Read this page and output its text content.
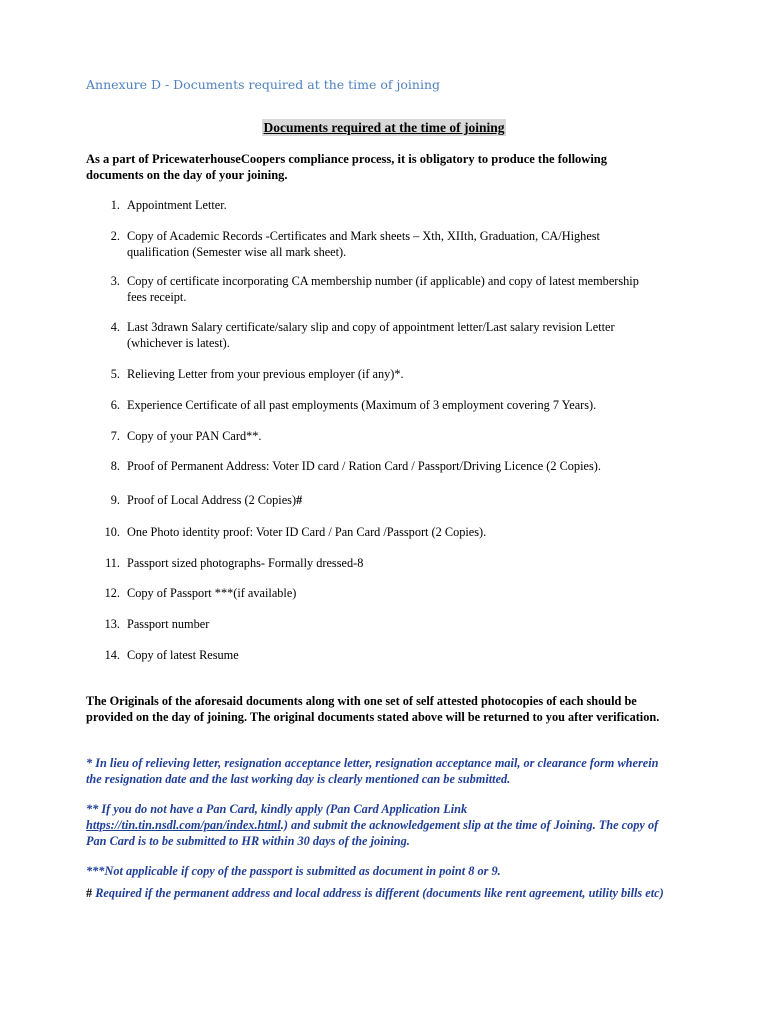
Annexure D - Documents required at the time of joining
Documents required at the time of joining
As a part of PricewaterhouseCoopers compliance process, it is obligatory to produce the following documents on the day of your joining.
1. Appointment Letter.
2. Copy of Academic Records -Certificates and Mark sheets – Xth, XIIth, Graduation, CA/Highest
qualification (Semester wise all mark sheet).
3. Copy of certificate incorporating CA membership number (if applicable) and copy of latest membership
fees receipt.
4. Last 3drawn Salary certificate/salary slip and copy of appointment letter/Last salary revision Letter
(whichever is latest).
5. Relieving Letter from your previous employer (if any)*.
6. Experience Certificate of all past employments (Maximum of 3 employment covering 7 Years).
7. Copy of your PAN Card**.
8. Proof of Permanent Address: Voter ID card / Ration Card / Passport/Driving Licence (2 Copies).
9. Proof of Local Address (2 Copies)#
10. One Photo identity proof: Voter ID Card / Pan Card /Passport (2 Copies).
11. Passport sized photographs- Formally dressed-8
12. Copy of Passport ***(if available)
13. Passport number
14. Copy of latest Resume
The Originals of the aforesaid documents along with one set of self attested photocopies of each should be provided on the day of joining. The original documents stated above will be returned to you after verification.
* In lieu of relieving letter, resignation acceptance letter, resignation acceptance mail, or clearance form wherein the resignation date and the last working day is clearly mentioned can be submitted.
** If you do not have a Pan Card, kindly apply (Pan Card Application Link https://tin.tin.nsdl.com/pan/index.html.) and submit the acknowledgement slip at the time of Joining. The copy of Pan Card is to be submitted to HR within 30 days of the joining.
***Not applicable if copy of the passport is submitted as document in point 8 or 9.
# Required if the permanent address and local address is different (documents like rent agreement, utility bills etc)
